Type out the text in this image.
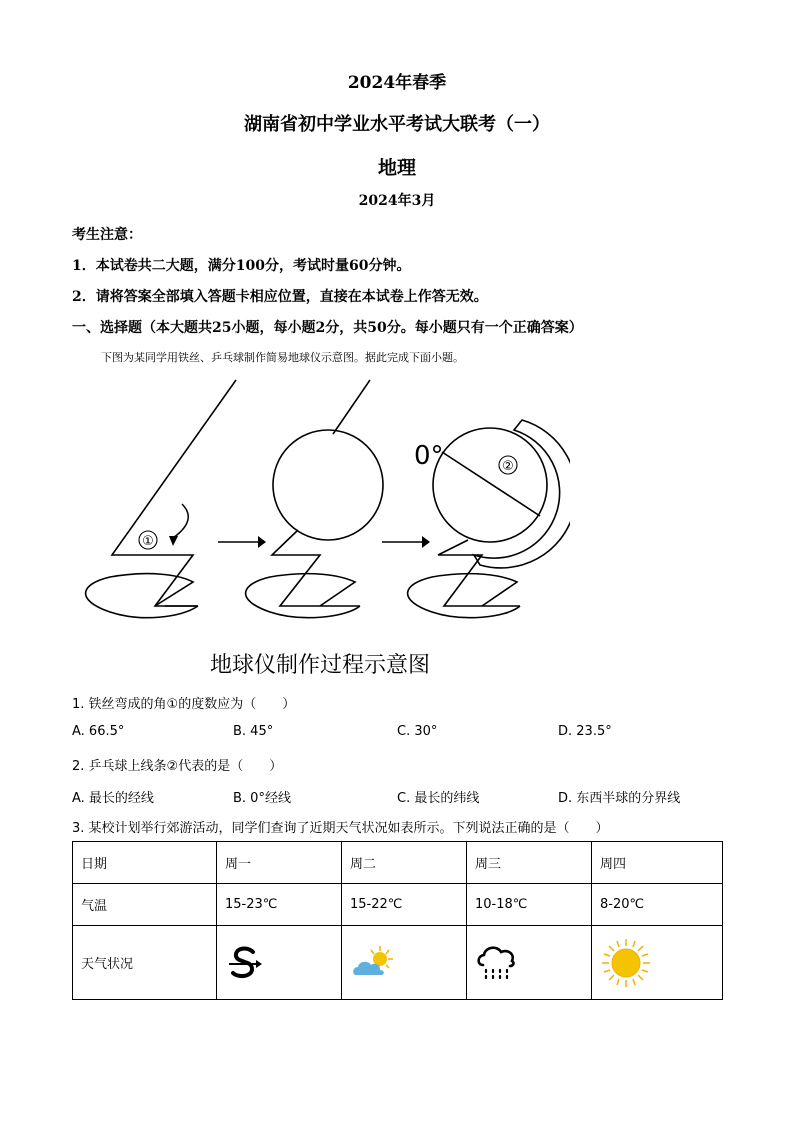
2024年春季
湖南省初中学业水平考试大联考（一）
地理
2024年3月
考生注意：
1．本试卷共二大题，满分100分，考试时量60分钟。
2．请将答案全部填入答题卡相应位置，直接在本试卷上作答无效。
一、选择题（本大题共25小题，每小题2分，共50分。每小题只有一个正确答案）
下图为某同学用铁丝、乒乓球制作简易地球仪示意图。据此完成下面小题。
①
②
0°
地球仪制作过程示意图
1. 铁丝弯成的角①的度数应为（　　）
A. 66.5°	B. 45°	C. 30°	D. 23.5°
2. 乒乓球上线条②代表的是（　　）
A. 最长的经线	B. 0°经线	C. 最长的纬线	D. 东西半球的分界线
3. 某校计划举行郊游活动，同学们查询了近期天气状况如表所示。下列说法正确的是（　　）
日期	周一	周二	周三	周四
气温	15-23℃	15-22℃	10-18℃	8-20℃
天气状况	
